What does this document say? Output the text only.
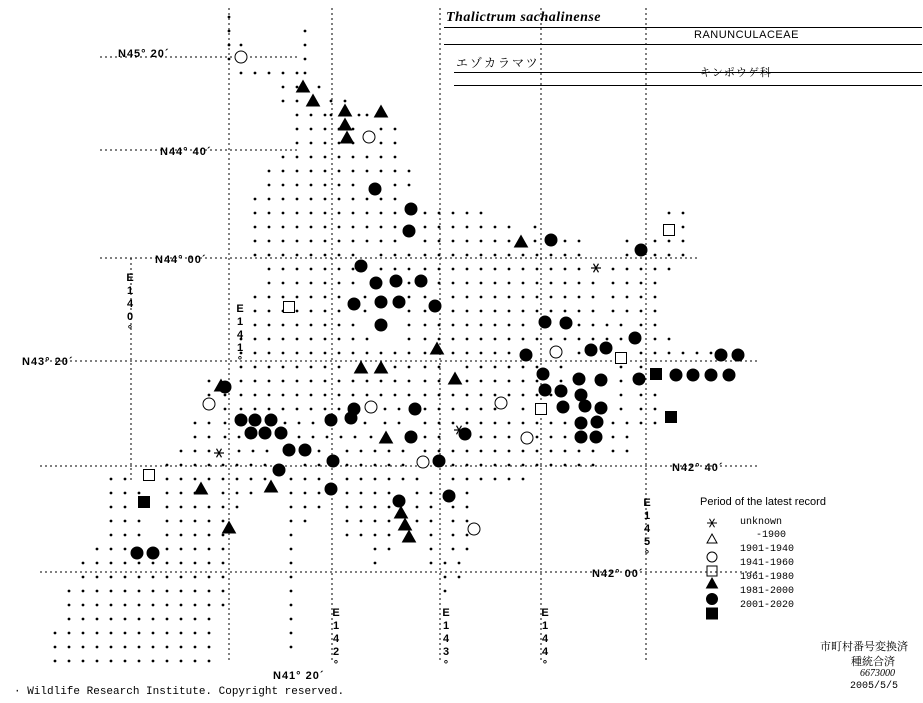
Thalictrum sachalinense
RANUNCULACEAE
エゾカラマツ
キンポウゲ科
N45° 20´
N44° 40´
N44° 00´
N43° 20´
N42° 40´
N42° 00´
E140°	E141°
E142°	E143°	E144°
E145°
N41° 20´
Period of the latest record
unknown
-1900
1901-1940
1941-1960
1961-1980
1981-2000
2001-2020
· Wildlife Research Institute. Copyright reserved.
市町村番号変換済
種統合済
6673000
2005/5/5
